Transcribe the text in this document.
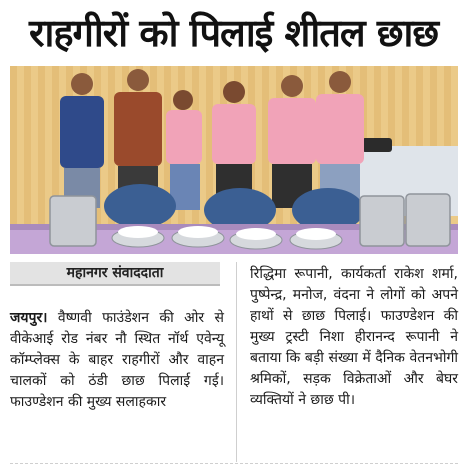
राहगीरों को पिलाई शीतल छाछ
महानगर संवाददाता
जयपुर। वैष्णवी फाउंडेशन की ओर से वीकेआई रोड नंबर नौ स्थित नॉर्थ एवेन्यू कॉम्प्लेक्स के बाहर राहगीरों और वाहन चालकों को ठंडी छाछ पिलाई गई। फाउण्डेशन की मुख्य सलाहकार
रिद्धिमा रूपानी, कार्यकर्ता राकेश शर्मा, पुष्पेन्द्र, मनोज, वंदना ने लोगों को अपने हाथों से छाछ पिलाई। फाउण्डेशन की मुख्य ट्रस्टी निशा हीरानन्द रूपानी ने बताया कि बड़ी संख्या में दैनिक वेतनभोगी श्रमिकों, सड़क विक्रेताओं और बेघर व्यक्तियों ने छाछ पी।
